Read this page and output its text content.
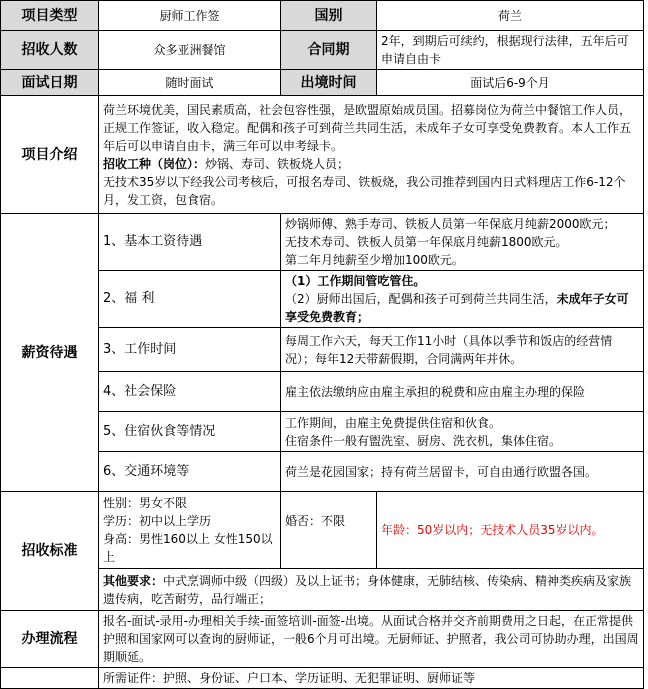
项目类型	厨师工作签	国别	荷兰
招收人数	众多亚洲餐馆	合同期	2年，到期后可续约，根据现行法律，五年后可申请自由卡
面试日期	随时面试	出境时间	面试后6-9个月
项目介绍	荷兰环境优美，国民素质高，社会包容性强，是欧盟原始成员国。招募岗位为荷兰中餐馆工作人员，正规工作签证，收入稳定。配偶和孩子可到荷兰共同生活，未成年子女可享受免费教育。本人工作五年后可以申请自由卡，满三年可以申考绿卡。
招收工种（岗位）：炒锅、寿司、铁板烧人员；
无技术35岁以下经我公司考核后，可报名寿司、铁板烧，我公司推荐到国内日式料理店工作6-12个月，发工资，包食宿。		

薪资待遇	1、基本工资待遇	炒锅师傅、熟手寿司、铁板人员第一年保底月纯薪2000欧元；
无技术寿司、铁板人员第一年保底月纯薪1800欧元。
第二年月纯薪至少增加100欧元。	

	2、福 利	（1）工作期间管吃管住。
（2）厨师出国后，配偶和孩子可到荷兰共同生活，未成年子女可享受免费教育；	

	3、工作时间	每周工作六天，每天工作11小时（具体以季节和饭店的经营情况）；每年12天带薪假期，合同满两年并休。	
	4、社会保险	雇主依法缴纳应由雇主承担的税费和应由雇主办理的保险	
	5、住宿伙食等情况	工作期间，由雇主免费提供住宿和伙食。
住宿条件一般有盥洗室、厨房、洗衣机，集体住宿。	

	6、交通环境等	荷兰是花园国家；持有荷兰居留卡，可自由通行欧盟各国。	
招收标准	性别：男女不限
学历：初中以上学历
身高：男性160以上 女性150以上	婚否：不限	年龄：50岁以内；无技术人员35岁以内。
	其他要求：中式烹调师中级（四级）及以上证书；身体健康，无肺结核、传染病、精神类疾病及家族遗传病，吃苦耐劳，品行端正；		
办理流程	报名-面试-录用-办理相关手续-面签培训-面签-出境。从面试合格并交齐前期费用之日起，在正常提供护照和国家网可以查询的厨师证，一般6个月可出境。无厨师证、护照者，我公司可协助办理，出国周期顺延。		
	所需证件：护照、身份证、户口本、学历证明、无犯罪证明、厨师证等		
